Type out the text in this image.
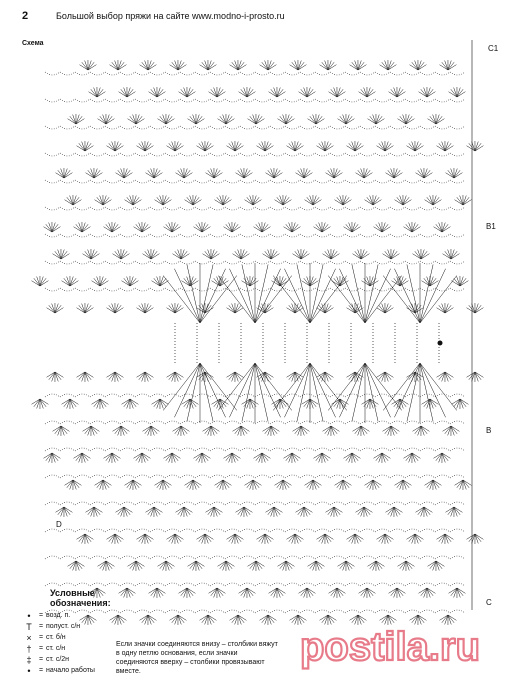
2	Большой выбор пряжи на сайте www.modno-i-prosto.ru
Схема
C1
B1
B
C
D
Условные обозначения:
•	= возд. п.
T	= полуст. с/н
×	= ст. б/н
†	= ст. с/н
‡	= ст. с/2н
•	= начало работы
Если значки соединяются внизу – столбики вяжут в одну петлю основания, если значки соединяются вверху – столбики провязывают вместе.
postila.ru
